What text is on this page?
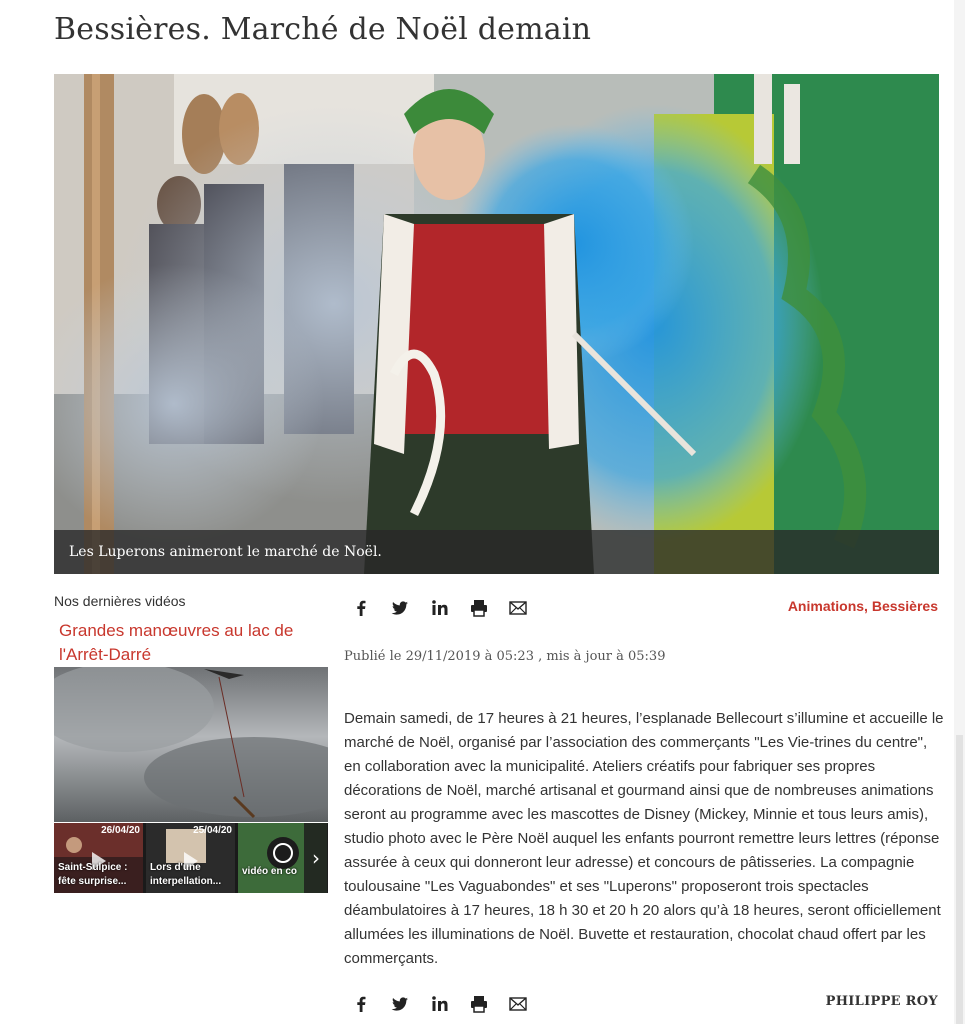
Bessières. Marché de Noël demain
Les Luperons animeront le marché de Noël.
Nos dernières vidéos
Grandes manœuvres au lac de l'Arrêt-Darré
26/04/20
Saint-Sulpice : fête surprise...
25/04/20
Lors d'une interpellation...
vidéo en co
›
Animations, Bessières
Publié le 29/11/2019 à 05:23 , mis à jour à 05:39

Demain samedi, de 17 heures à 21 heures, l’esplanade Bellecourt s’illumine et accueille le marché de Noël, organisé par l’association des commerçants "Les Vie-trines du centre", en collaboration avec la municipalité. Ateliers créatifs pour fabriquer ses propres décorations de Noël, marché artisanal et gourmand ainsi que de nombreuses animations seront au programme avec les mascottes de Disney (Mickey, Minnie et tous leurs amis), studio photo avec le Père Noël auquel les enfants pourront remettre leurs lettres (réponse assurée à ceux qui donneront leur adresse) et concours de pâtisseries. La compagnie toulousaine "Les Vaguabondes" et ses "Luperons" proposeront trois spectacles déambulatoires à 17 heures, 18 h 30 et 20 h 20 alors qu’à 18 heures, seront officiellement allumées les illuminations de Noël. Buvette et restauration, chocolat chaud offert par les commerçants.

PHILIPPE ROY
